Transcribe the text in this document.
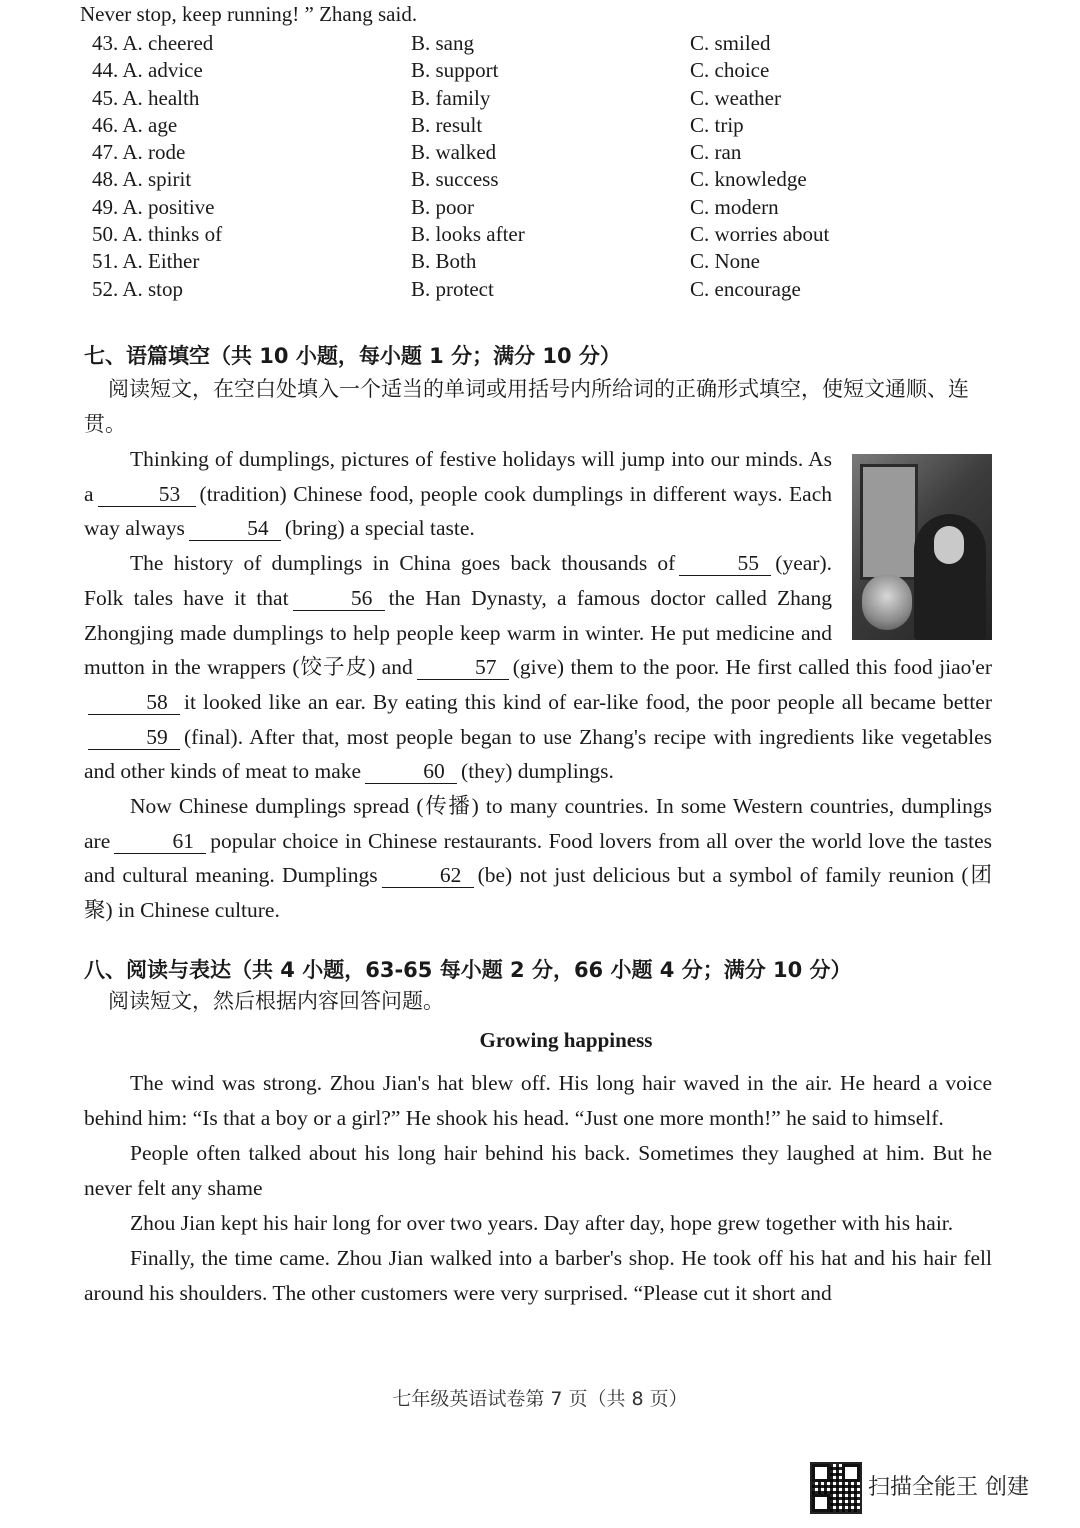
Never stop, keep running! ” Zhang said.
43. A. cheered	B. sang	C. smiled
44. A. advice	B. support	C. choice
45. A. health	B. family	C. weather
46. A. age	B. result	C. trip
47. A. rode	B. walked	C. ran
48. A. spirit	B. success	C. knowledge
49. A. positive	B. poor	C. modern
50. A. thinks of	B. looks after	C. worries about
51. A. Either	B. Both	C. None
52. A. stop	B. protect	C. encourage
七、语篇填空（共 10 小题，每小题 1 分；满分 10 分）
阅读短文，在空白处填入一个适当的单词或用括号内所给词的正确形式填空，使短文通顺、连贯。

Thinking of dumplings, pictures of festive holidays will jump into our minds. As a	53 (tradition) Chinese food, people cook dumplings in different ways. Each way always	54 (bring) a special taste.

The history of dumplings in China goes back thousands of	55 (year). Folk tales have it that	56 the Han Dynasty, a famous doctor called Zhang Zhongjing made dumplings to help people keep warm in winter. He put medicine and mutton in the wrappers (饺子皮) and	57 (give) them to the poor. He first called this food jiao'er58 it looked like an ear. By eating this kind of ear-like food, the poor people all became better59 (final). After that, most people began to use Zhang's recipe with ingredients like vegetables and other kinds of meat to make	60 (they) dumplings.

Now Chinese dumplings spread (传播) to many countries. In some Western countries, dumplings are	61 popular choice in Chinese restaurants. Food lovers from all over the world love the tastes and cultural meaning. Dumplings	62 (be) not just delicious but a symbol of family reunion (团聚) in Chinese culture.

八、阅读与表达（共 4 小题，63-65 每小题 2 分，66 小题 4 分；满分 10 分）
阅读短文，然后根据内容回答问题。
Growing happiness

The wind was strong. Zhou Jian's hat blew off. His long hair waved in the air. He heard a voice behind him: “Is that a boy or a girl?” He shook his head. “Just one more month!” he said to himself.

People often talked about his long hair behind his back. Sometimes they laughed at him. But he never felt any shame

Zhou Jian kept his hair long for over two years. Day after day, hope grew together with his hair.

Finally, the time came. Zhou Jian walked into a barber's shop. He took off his hat and his hair fell around his shoulders. The other customers were very surprised. “Please cut it short and

七年级英语试卷第 7 页（共 8 页）
扫描全能王 创建
